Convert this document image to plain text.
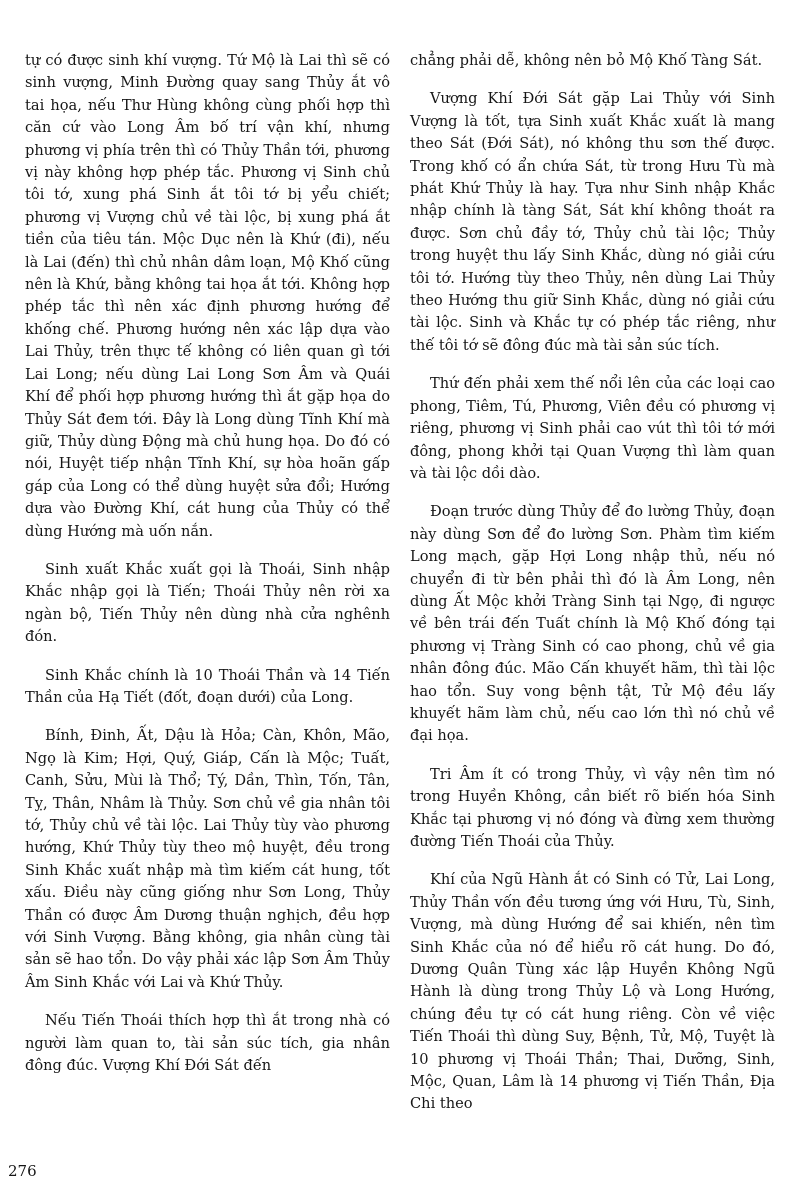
tự có được sinh khí vượng. Tứ Mộ là Lai thì sẽ có sinh vượng, Minh Đường quay sang Thủy ắt vô tai họa, nếu Thư Hùng không cùng phối hợp thì căn cứ vào Long Âm bố trí vận khí, nhưng phương vị phía trên thì có Thủy Thần tới, phương vị này không hợp phép tắc. Phương vị Sinh chủ tôi tớ, xung phá Sinh ắt tôi tớ bị yểu chiết; phương vị Vượng chủ về tài lộc, bị xung phá ắt tiền của tiêu tán. Mộc Dục nên là Khứ (đi), nếu là Lai (đến) thì chủ nhân dâm loạn, Mộ Khố cũng nên là Khứ, bằng không tai họa ắt tới. Không hợp phép tắc thì nên xác định phương hướng để khống chế. Phương hướng nên xác lập dựa vào Lai Thủy, trên thực tế không có liên quan gì tới Lai Long; nếu dùng Lai Long Sơn Âm và Quái Khí để phối hợp phương hướng thì ắt gặp họa do Thủy Sát đem tới. Đây là Long dùng Tĩnh Khí mà giữ, Thủy dùng Động mà chủ hung họa. Do đó có nói, Huyệt tiếp nhận Tĩnh Khí, sự hòa hoãn gấp gáp của Long có thể dùng huyệt sửa đổi; Hướng dựa vào Đường Khí, cát hung của Thủy có thể dùng Hướng mà uốn nắn.

Sinh xuất Khắc xuất gọi là Thoái, Sinh nhập Khắc nhập gọi là Tiến; Thoái Thủy nên rời xa ngàn bộ, Tiến Thủy nên dùng nhà cửa nghênh đón.

Sinh Khắc chính là 10 Thoái Thần và 14 Tiến Thần của Hạ Tiết (đốt, đoạn dưới) của Long.

Bính, Đinh, Ất, Dậu là Hỏa; Càn, Khôn, Mão, Ngọ là Kim; Hợi, Quý, Giáp, Cấn là Mộc; Tuất, Canh, Sửu, Mùi là Thổ; Tý, Dần, Thìn, Tốn, Tân, Tỵ, Thân, Nhâm là Thủy. Sơn chủ về gia nhân tôi tớ, Thủy chủ về tài lộc. Lai Thủy tùy vào phương hướng, Khứ Thủy tùy theo mộ huyệt, đều trong Sinh Khắc xuất nhập mà tìm kiếm cát hung, tốt xấu. Điều này cũng giống như Sơn Long, Thủy Thần có được Âm Dương thuận nghịch, đều hợp với Sinh Vượng. Bằng không, gia nhân cùng tài sản sẽ hao tổn. Do vậy phải xác lập Sơn Âm Thủy Âm Sinh Khắc với Lai và Khứ Thủy.

Nếu Tiến Thoái thích hợp thì ắt trong nhà có người làm quan to, tài sản súc tích, gia nhân đông đúc. Vượng Khí Đới Sát đến

chẳng phải dễ, không nên bỏ Mộ Khố Tàng Sát.

Vượng Khí Đới Sát gặp Lai Thủy với Sinh Vượng là tốt, tựa Sinh xuất Khắc xuất là mang theo Sát (Đới Sát), nó không thu sơn thế được. Trong khố có ẩn chứa Sát, từ trong Hưu Tù mà phát Khứ Thủy là hay. Tựa như Sinh nhập Khắc nhập chính là tàng Sát, Sát khí không thoát ra được. Sơn chủ đầy tớ, Thủy chủ tài lộc; Thủy trong huyệt thu lấy Sinh Khắc, dùng nó giải cứu tôi tớ. Hướng tùy theo Thủy, nên dùng Lai Thủy theo Hướng thu giữ Sinh Khắc, dùng nó giải cứu tài lộc. Sinh và Khắc tự có phép tắc riêng, như thế tôi tớ sẽ đông đúc mà tài sản súc tích.

Thứ đến phải xem thế nổi lên của các loại cao phong, Tiêm, Tú, Phương, Viên đều có phương vị riêng, phương vị Sinh phải cao vút thì tôi tớ mới đông, phong khởi tại Quan Vượng thì làm quan và tài lộc dồi dào.

Đoạn trước dùng Thủy để đo lường Thủy, đoạn này dùng Sơn để đo lường Sơn. Phàm tìm kiếm Long mạch, gặp Hợi Long nhập thủ, nếu nó chuyển đi từ bên phải thì đó là Âm Long, nên dùng Ất Mộc khởi Tràng Sinh tại Ngọ, đi ngược về bên trái đến Tuất chính là Mộ Khố đóng tại phương vị Tràng Sinh có cao phong, chủ về gia nhân đông đúc. Mão Cấn khuyết hãm, thì tài lộc hao tổn. Suy vong bệnh tật, Tử Mộ đều lấy khuyết hãm làm chủ, nếu cao lớn thì nó chủ về đại họa.

Tri Âm ít có trong Thủy, vì vậy nên tìm nó trong Huyền Không, cần biết rõ biến hóa Sinh Khắc tại phương vị nó đóng và đừng xem thường đường Tiến Thoái của Thủy.

Khí của Ngũ Hành ắt có Sinh có Tử, Lai Long, Thủy Thần vốn đều tương ứng với Hưu, Tù, Sinh, Vượng, mà dùng Hướng để sai khiến, nên tìm Sinh Khắc của nó để hiểu rõ cát hung. Do đó, Dương Quân Tùng xác lập Huyền Không Ngũ Hành là dùng trong Thủy Lộ và Long Hướng, chúng đều tự có cát hung riêng. Còn về việc Tiến Thoái thì dùng Suy, Bệnh, Tử, Mộ, Tuyệt là 10 phương vị Thoái Thần; Thai, Dưỡng, Sinh, Mộc, Quan, Lâm là 14 phương vị Tiến Thần, Địa Chi theo

276
